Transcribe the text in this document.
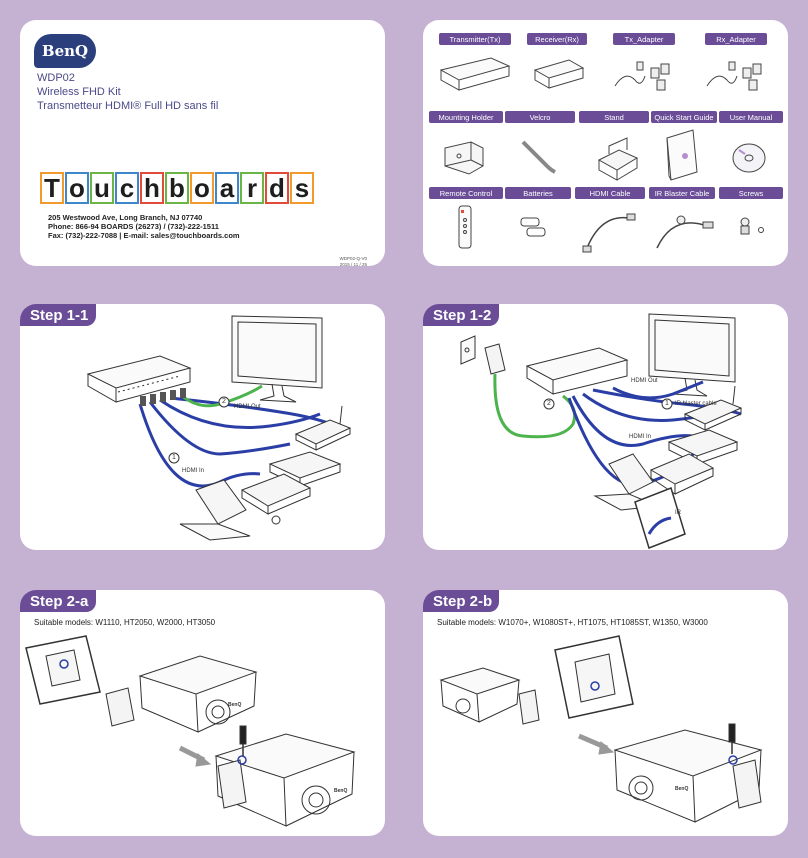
BenQ
WDP02
Wireless FHD Kit
Transmetteur HDMI® Full HD sans fil
T o u c h b o a r d s
205 Westwood Ave, Long Branch, NJ 07740
Phone: 866-94 BOARDS (26273) / (732)-222-1511
Fax: (732)-222-7088 | E-mail: sales@touchboards.com
WDP02-Q-V0
2015 / 11 / 25
Transmitter(Tx)	Receiver(Rx)	Tx_Adapter	Rx_Adapter
Mounting Holder	Velcro	Stand	Quick Start Guide	User Manual
Remote Control	Batteries	HDMI Cable	IR Blaster Cable	Screws
Step 1-1
2
1
HDMI Out
HDMI In
Step 1-2
2	1
HDMI Out
IR blaster cable
HDMI In
IR
Step 2-a
Suitable models: W1110, HT2050, W2000, HT3050
BenQ
BenQ
Step 2-b
Suitable models: W1070+, W1080ST+, HT1075, HT1085ST, W1350, W3000
BenQ
